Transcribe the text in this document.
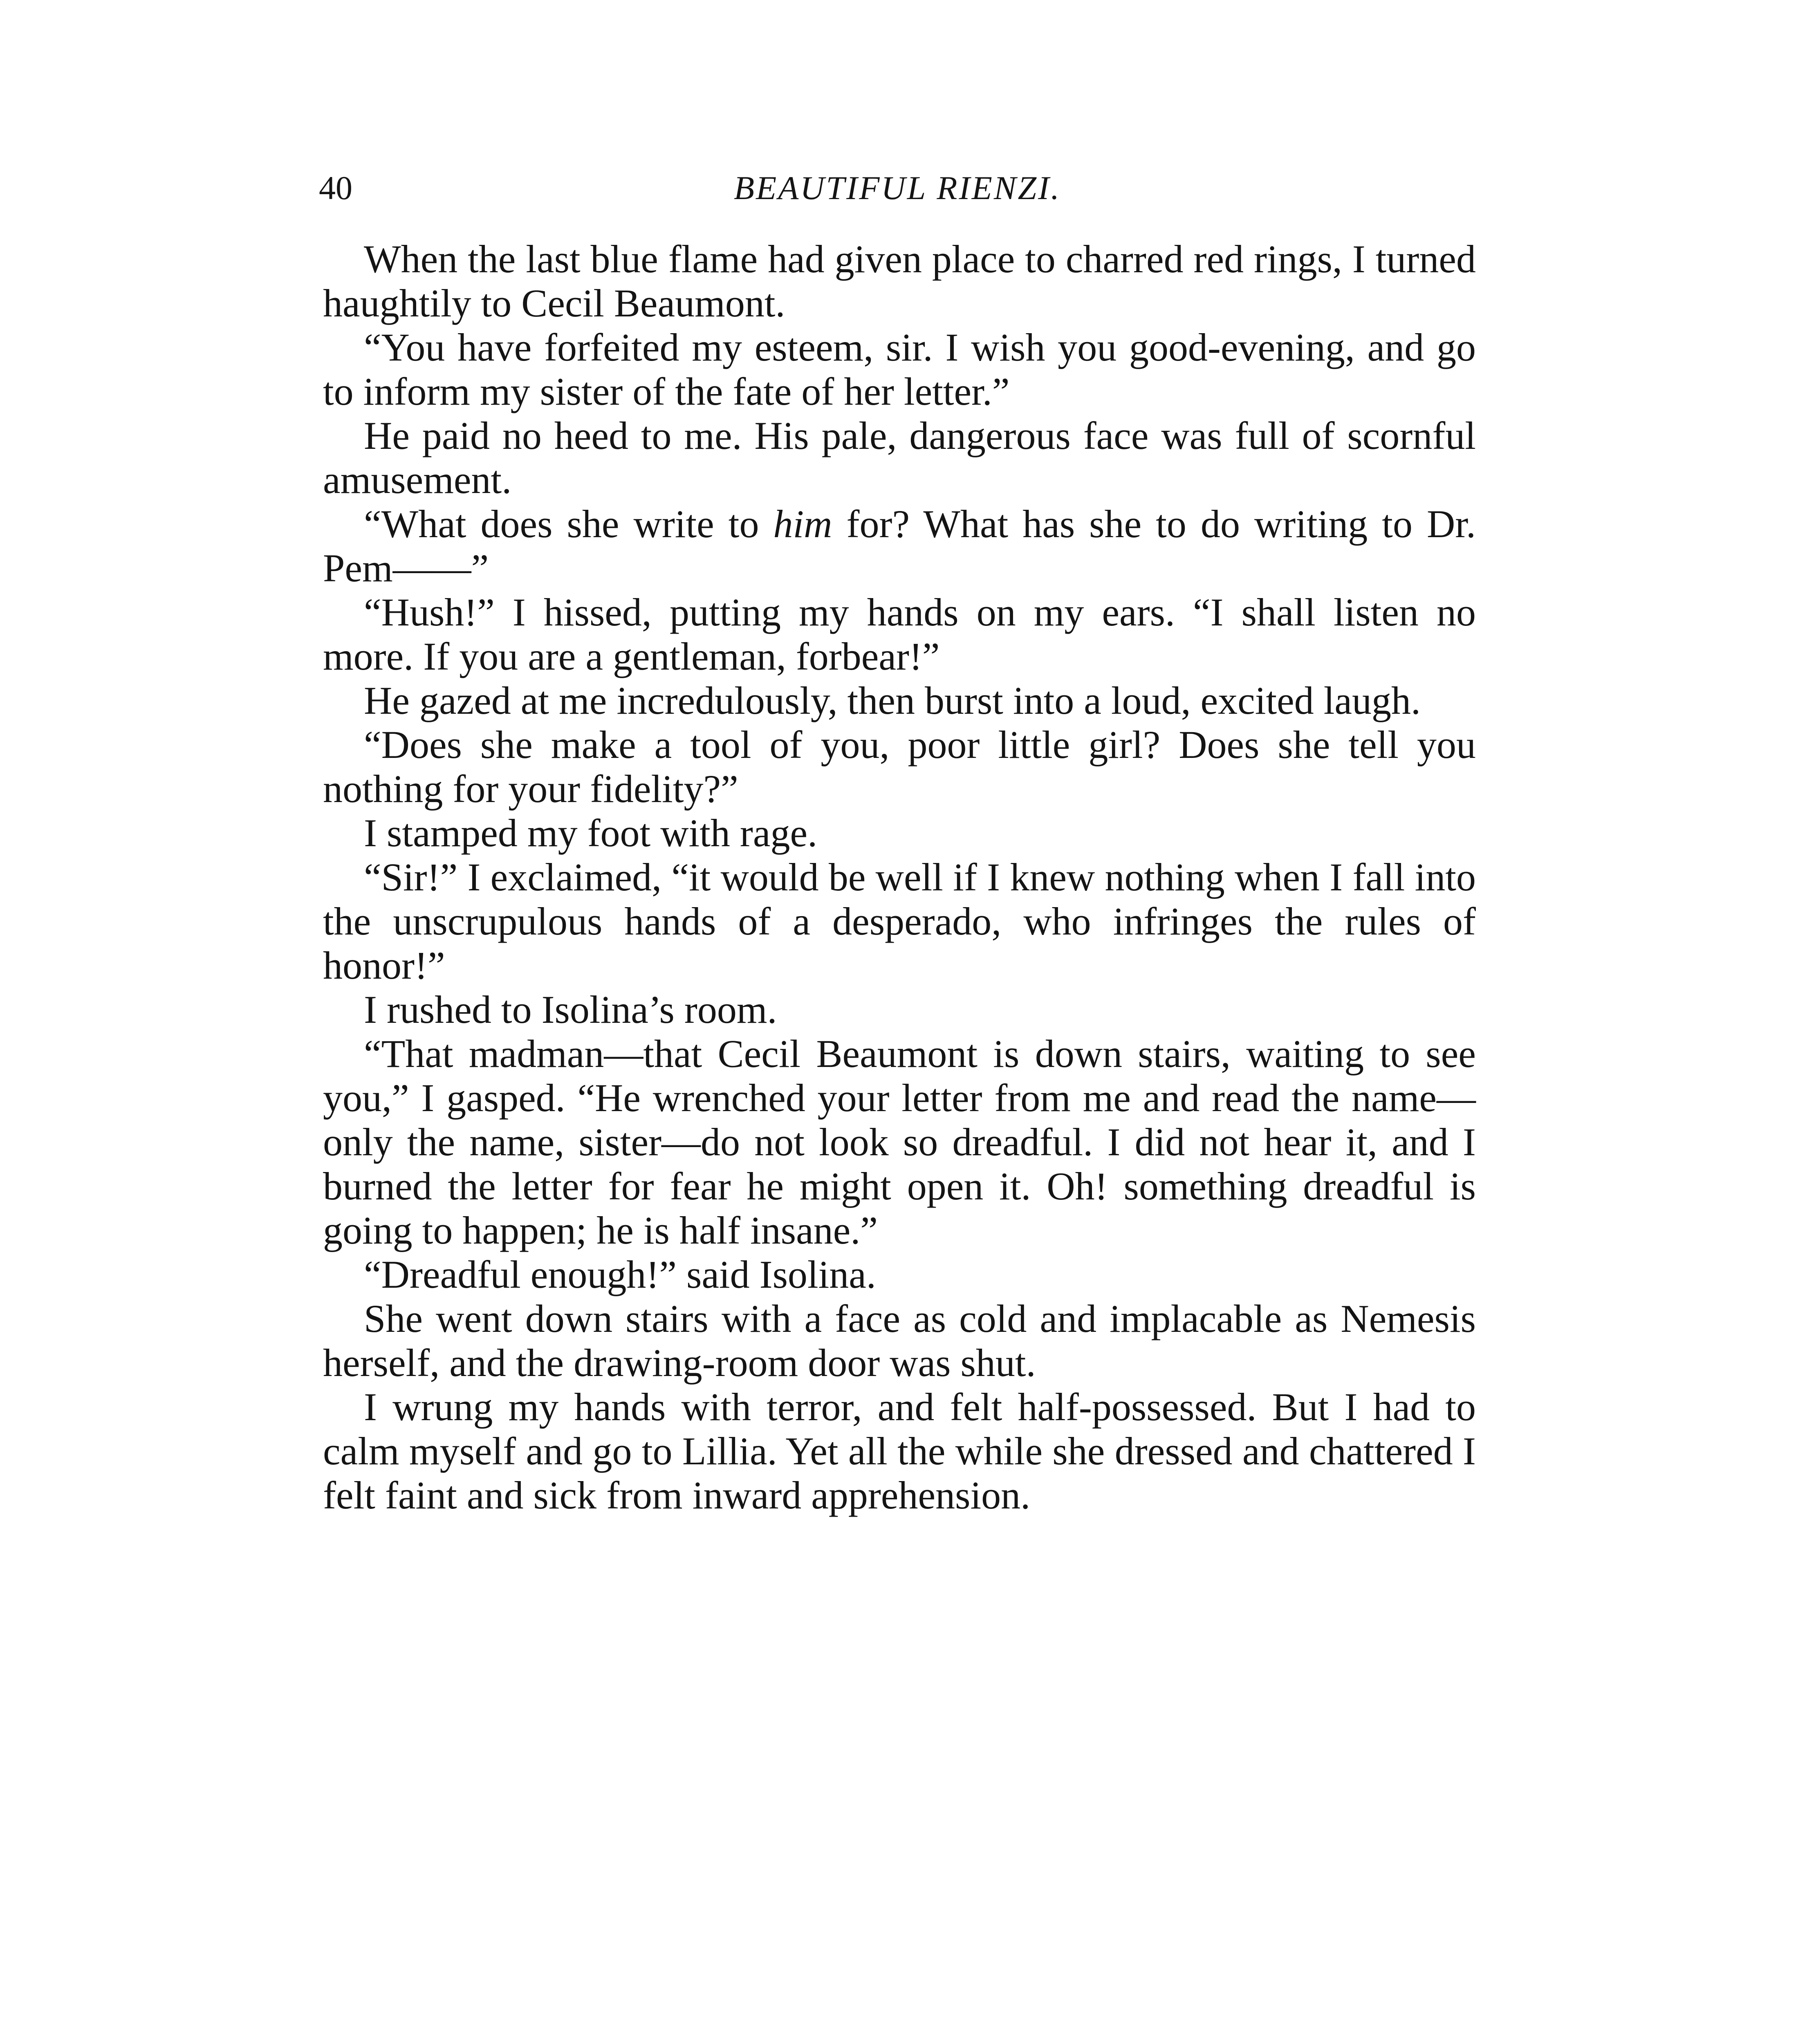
40	BEAUTIFUL RIENZI.

When the last blue flame had given place to charred red rings, I turned haughtily to Cecil Beaumont.

“You have forfeited my esteem, sir. I wish you good-evening, and go to inform my sister of the fate of her letter.”

He paid no heed to me. His pale, dangerous face was full of scornful amusement.

“What does she write to him for? What has she to do writing to Dr. Pem——”

“Hush!” I hissed, putting my hands on my ears. “I shall listen no more. If you are a gentleman, forbear!”

He gazed at me incredulously, then burst into a loud, excited laugh.

“Does she make a tool of you, poor little girl? Does she tell you nothing for your fidelity?”

I stamped my foot with rage.

“Sir!” I exclaimed, “it would be well if I knew nothing when I fall into the unscrupulous hands of a desperado, who infringes the rules of honor!”

I rushed to Isolina’s room.

“That madman—that Cecil Beaumont is down stairs, waiting to see you,” I gasped. “He wrenched your letter from me and read the name—only the name, sister—do not look so dreadful. I did not hear it, and I burned the letter for fear he might open it. Oh! something dreadful is going to happen; he is half insane.”

“Dreadful enough!” said Isolina.

She went down stairs with a face as cold and implacable as Nemesis herself, and the drawing-room door was shut.

I wrung my hands with terror, and felt half-possessed. But I had to calm myself and go to Lillia. Yet all the while she dressed and chattered I felt faint and sick from inward apprehension.
